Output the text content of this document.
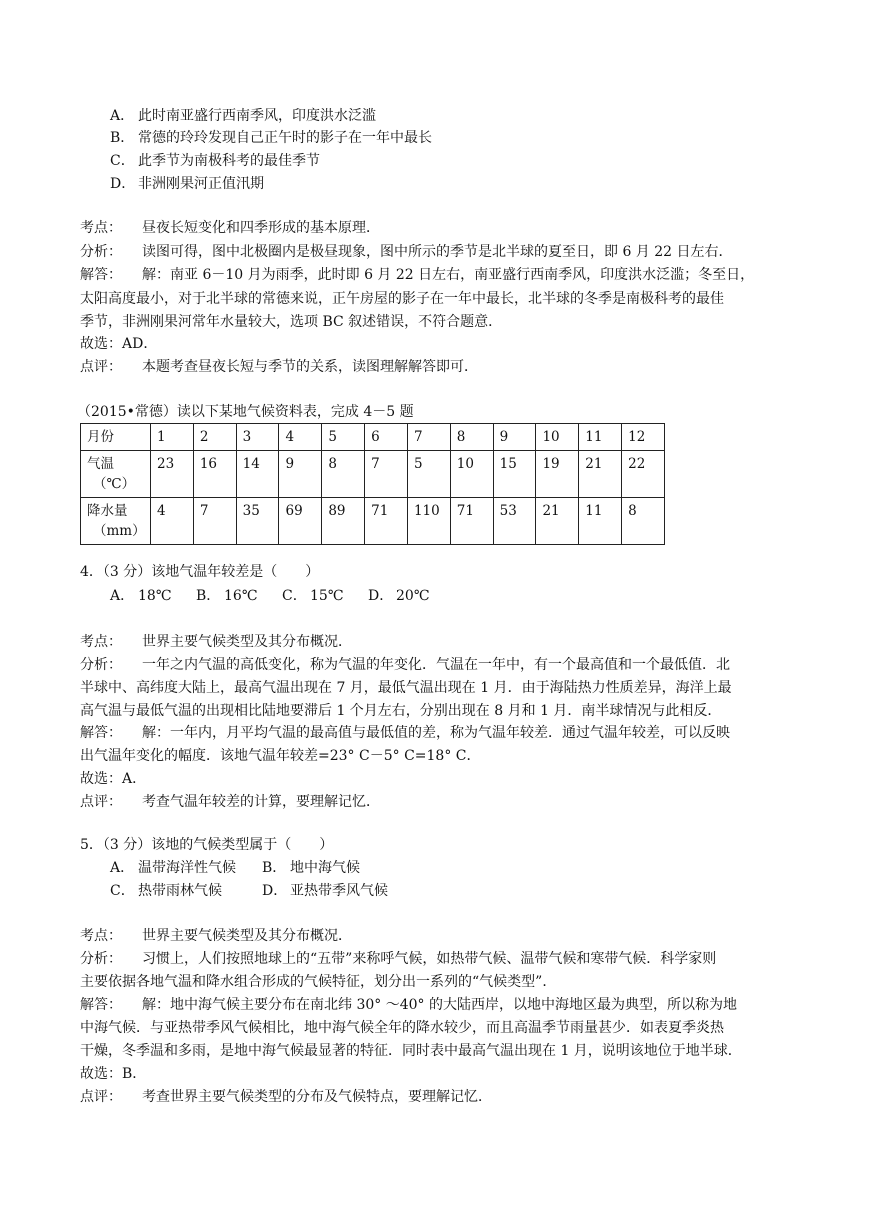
A． 此时南亚盛行西南季风，印度洪水泛滥
B． 常德的玲玲发现自己正午时的影子在一年中最长
C． 此季节为南极科考的最佳季节
D． 非洲刚果河正值汛期
考点： 昼夜长短变化和四季形成的基本原理．
分析： 读图可得，图中北极圈内是极昼现象，图中所示的季节是北半球的夏至日，即 6 月 22 日左右．
解答： 解：南亚 6－10 月为雨季，此时即 6 月 22 日左右，南亚盛行西南季风，印度洪水泛滥；冬至日，
太阳高度最小，对于北半球的常德来说，正午房屋的影子在一年中最长，北半球的冬季是南极科考的最佳
季节，非洲刚果河常年水量较大，选项 BC 叙述错误，不符合题意．
故选：AD．
点评： 本题考查昼夜长短与季节的关系，读图理解解答即可．
（2015•常德）读以下某地气候资料表，完成 4－5 题
月份	1	2	3	4	5	6	7	8	9	10	11	12
气温
（℃）	23	16	14	9	8	7	5	10	15	19	21	22
降水量
（mm）	4	7	35	69	89	71	110	71	53	21	11	8
4．（3 分）该地气温年较差是（　　）
A． 18℃ B． 16℃ C． 15℃ D． 20℃
考点： 世界主要气候类型及其分布概况．
分析： 一年之内气温的高低变化，称为气温的年变化．气温在一年中，有一个最高值和一个最低值．北
半球中、高纬度大陆上，最高气温出现在 7 月，最低气温出现在 1 月．由于海陆热力性质差异，海洋上最
高气温与最低气温的出现相比陆地要滞后 1 个月左右，分别出现在 8 月和 1 月．南半球情况与此相反．
解答： 解：一年内，月平均气温的最高值与最低值的差，称为气温年较差．通过气温年较差，可以反映
出气温年变化的幅度．该地气温年较差=23° C－5° C=18° C．
故选：A．
点评： 考查气温年较差的计算，要理解记忆．
5．（3 分）该地的气候类型属于（　　）
A． 温带海洋性气候 B． 地中海气候
C． 热带雨林气候	D． 亚热带季风气候
考点： 世界主要气候类型及其分布概况．
分析： 习惯上，人们按照地球上的“五带”来称呼气候，如热带气候、温带气候和寒带气候．科学家则
主要依据各地气温和降水组合形成的气候特征，划分出一系列的“气候类型”．
解答： 解：地中海气候主要分布在南北纬 30° ～40° 的大陆西岸，以地中海地区最为典型，所以称为地
中海气候．与亚热带季风气候相比，地中海气候全年的降水较少，而且高温季节雨量甚少．如表夏季炎热
干燥，冬季温和多雨，是地中海气候最显著的特征．同时表中最高气温出现在 1 月，说明该地位于地半球．
故选：B．
点评： 考查世界主要气候类型的分布及气候特点，要理解记忆．
